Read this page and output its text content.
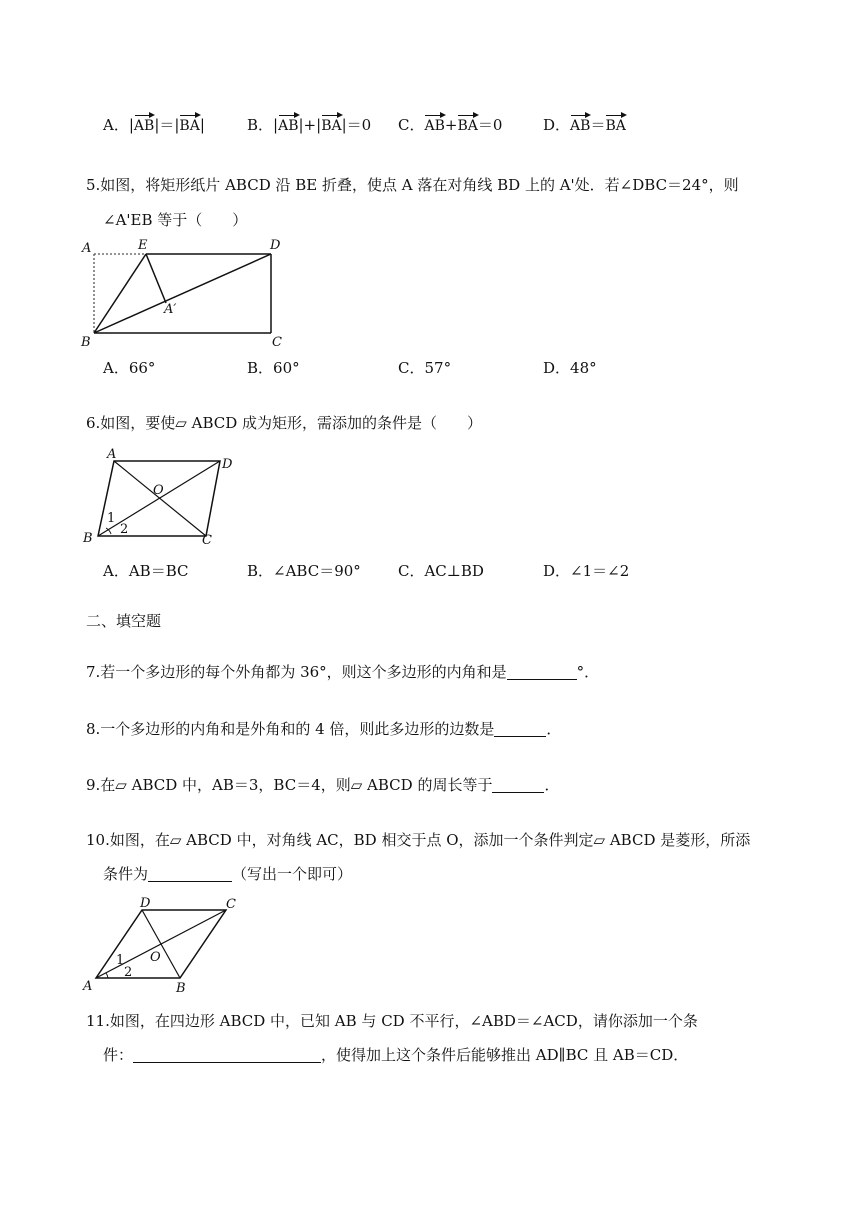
A．|AB|＝|BA|	B．|AB|+|BA|＝0 C．AB+BA＝0	D．AB＝BA
5.如图，将矩形纸片 ABCD 沿 BE 折叠，使点 A 落在对角线 BD 上的 A'处．若∠DBC＝24°，则
∠A'EB 等于（　　）
A	E	D
A′
B	C
A．66°	B．60°	C．57°	D．48°
6.如图，要使▱ ABCD 成为矩形，需添加的条件是（　　）
A
D
O
B	C
1
2
A．AB＝BC	B．∠ABC＝90° C．AC⊥BD	D．∠1＝∠2
二、填空题
7.若一个多边形的每个外角都为 36°，则这个多边形的内角和是	°．
8.一个多边形的内角和是外角和的 4 倍，则此多边形的边数是	．
9.在▱ ABCD 中，AB＝3，BC＝4，则▱ ABCD 的周长等于	．
10.如图，在▱ ABCD 中，对角线 AC，BD 相交于点 O，添加一个条件判定▱ ABCD 是菱形，所添
条件为	（写出一个即可）
D	C
O
A	B
1
2
11.如图，在四边形 ABCD 中，已知 AB 与 CD 不平行，∠ABD＝∠ACD，请你添加一个条
件：	，使得加上这个条件后能够推出 AD∥BC 且 AB＝CD．
